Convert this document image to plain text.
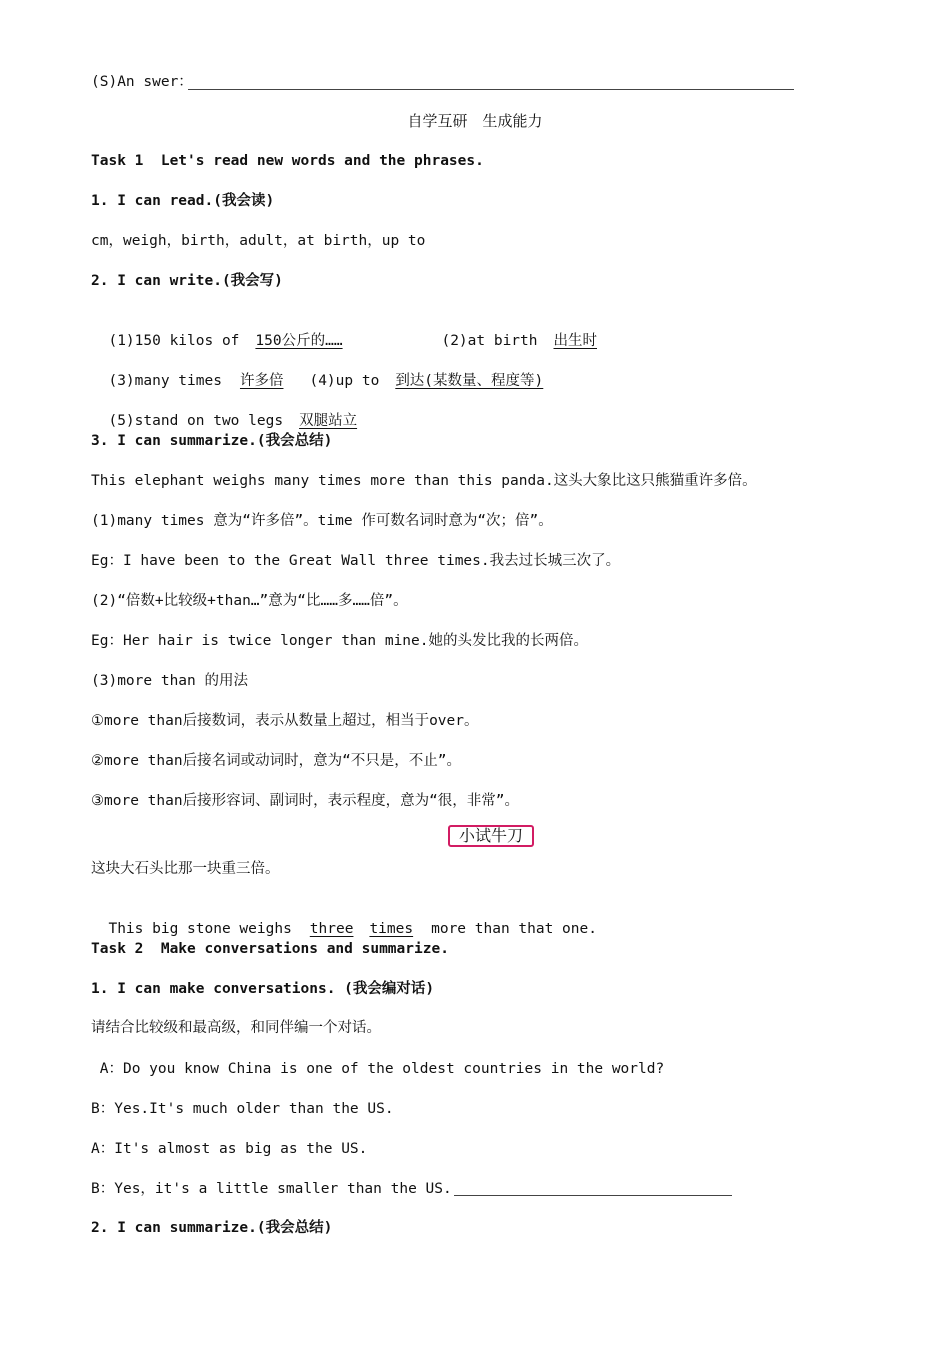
(S)An swer：
自学互研　生成能力
Task 1  Let's read new words and the phrases.
1. I can read.(我会读)
cm，weigh，birth，adult，at birth，up to
2. I can write.(我会写)

(1)150 kilos of 150公斤的……	(2)at birth 出生时

(3)many times 许多倍 (4)up to 到达(某数量、程度等)

(5)stand on two legs 双腿站立

3. I can summarize.(我会总结)
This elephant weighs many times more than this panda.这头大象比这只熊猫重许多倍。
(1)many times 意为“许多倍”。time 作可数名词时意为“次；倍”。
Eg：I have been to the Great Wall three times.我去过长城三次了。
(2)“倍数+比较级+than…”意为“比……多……倍”。
Eg：Her hair is twice longer than mine.她的头发比我的长两倍。
(3)more than 的用法
①more than后接数词，表示从数量上超过，相当于over。
②more than后接名词或动词时，意为“不只是，不止”。
③more than后接形容词、副词时，表示程度，意为“很，非常”。
小试牛刀
这块大石头比那一块重三倍。

This big stone weighs three times more than that one.

Task 2  Make conversations and summarize.
1. I can make conversations. (我会编对话)
请结合比较级和最高级，和同伴编一个对话。
A：Do you know China is one of the oldest countries in the world?
B：Yes.It's much older than the US.
A：It's almost as big as the US.
B：Yes，it's a little smaller than the US.
2. I can summarize.(我会总结)
